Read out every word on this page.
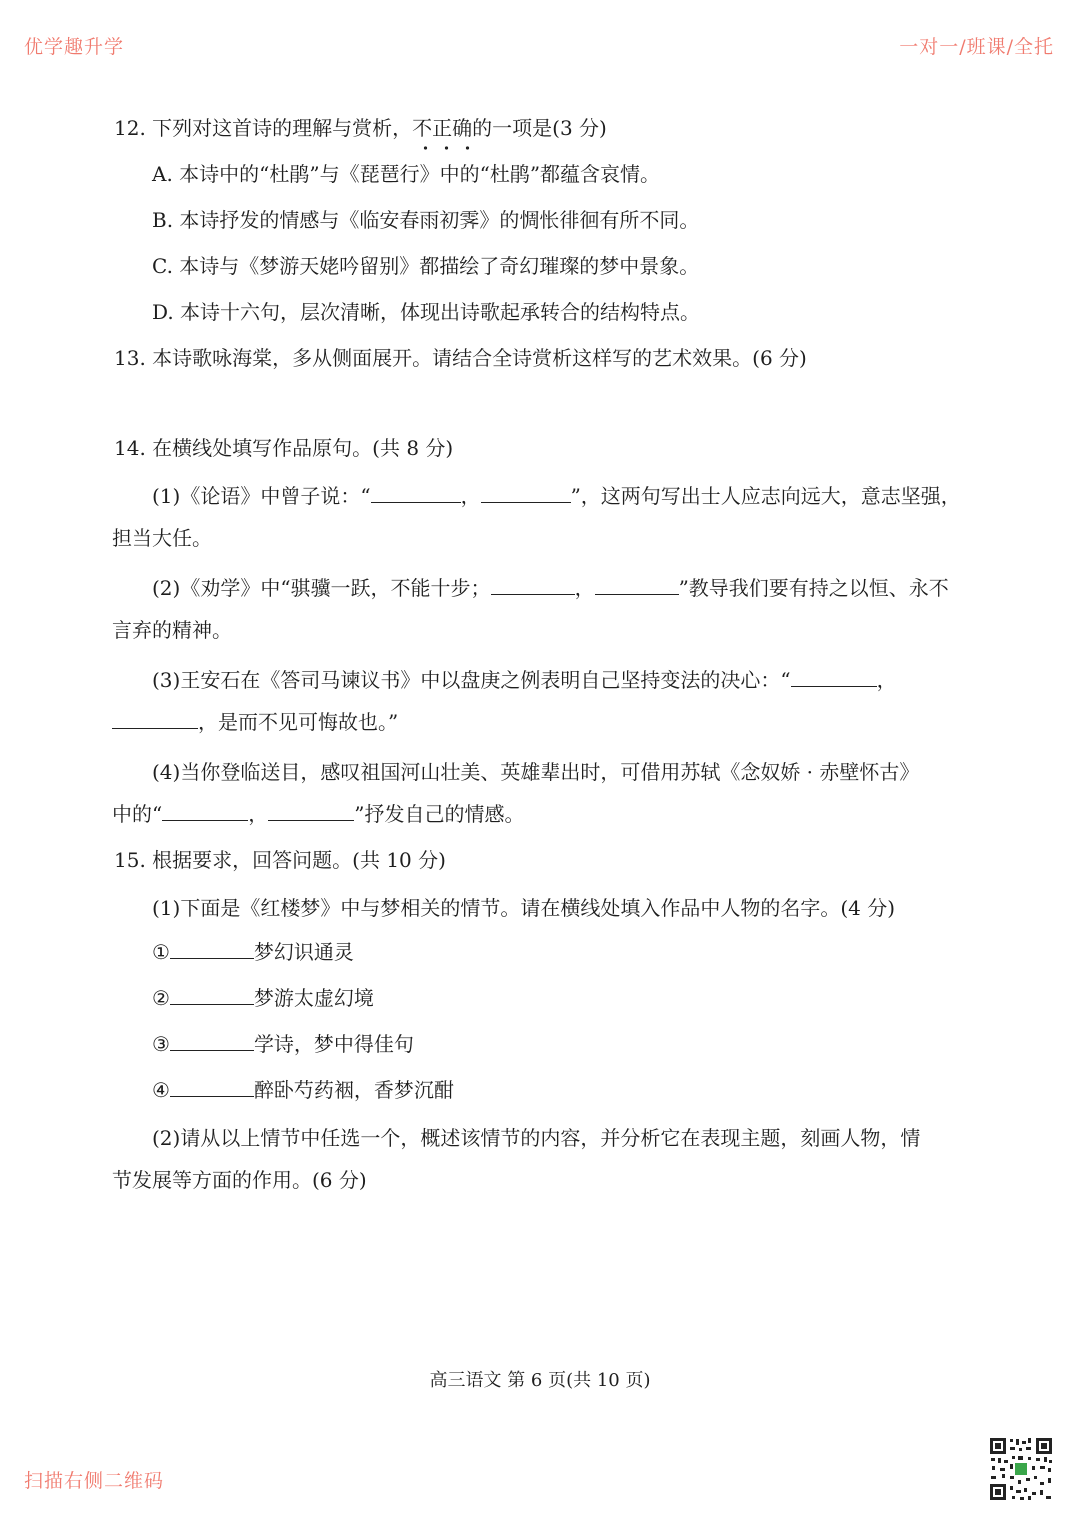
优学趣升学	一对一/班课/全托
扫描右侧二维码
12. 下列对这首诗的理解与赏析，不正确的一项是(3 分)
A. 本诗中的“杜鹃”与《琵琶行》中的“杜鹃”都蕴含哀情。
B. 本诗抒发的情感与《临安春雨初霁》的惆怅徘徊有所不同。
C. 本诗与《梦游天姥吟留别》都描绘了奇幻璀璨的梦中景象。
D. 本诗十六句，层次清晰，体现出诗歌起承转合的结构特点。
13. 本诗歌咏海棠，多从侧面展开。请结合全诗赏析这样写的艺术效果。(6 分)
14. 在横线处填写作品原句。(共 8 分)
(1)《论语》中曾子说：“	，	”，这两句写出士人应志向远大，意志坚强，
担当大任。
(2)《劝学》中“骐骥一跃，不能十步；	，	”教导我们要有持之以恒、永不
言弃的精神。
(3)王安石在《答司马谏议书》中以盘庚之例表明自己坚持变法的决心：“	，
，是而不见可悔故也。”
(4)当你登临送目，感叹祖国河山壮美、英雄辈出时，可借用苏轼《念奴娇 · 赤壁怀古》
中的“	，	”抒发自己的情感。
15. 根据要求，回答问题。(共 10 分)
(1)下面是《红楼梦》中与梦相关的情节。请在横线处填入作品中人物的名字。(4 分)
①	梦幻识通灵
②	梦游太虚幻境
③	学诗，梦中得佳句
④	醉卧芍药裀，香梦沉酣
(2)请从以上情节中任选一个，概述该情节的内容，并分析它在表现主题，刻画人物，情
节发展等方面的作用。(6 分)
高三语文 第 6 页(共 10 页)
